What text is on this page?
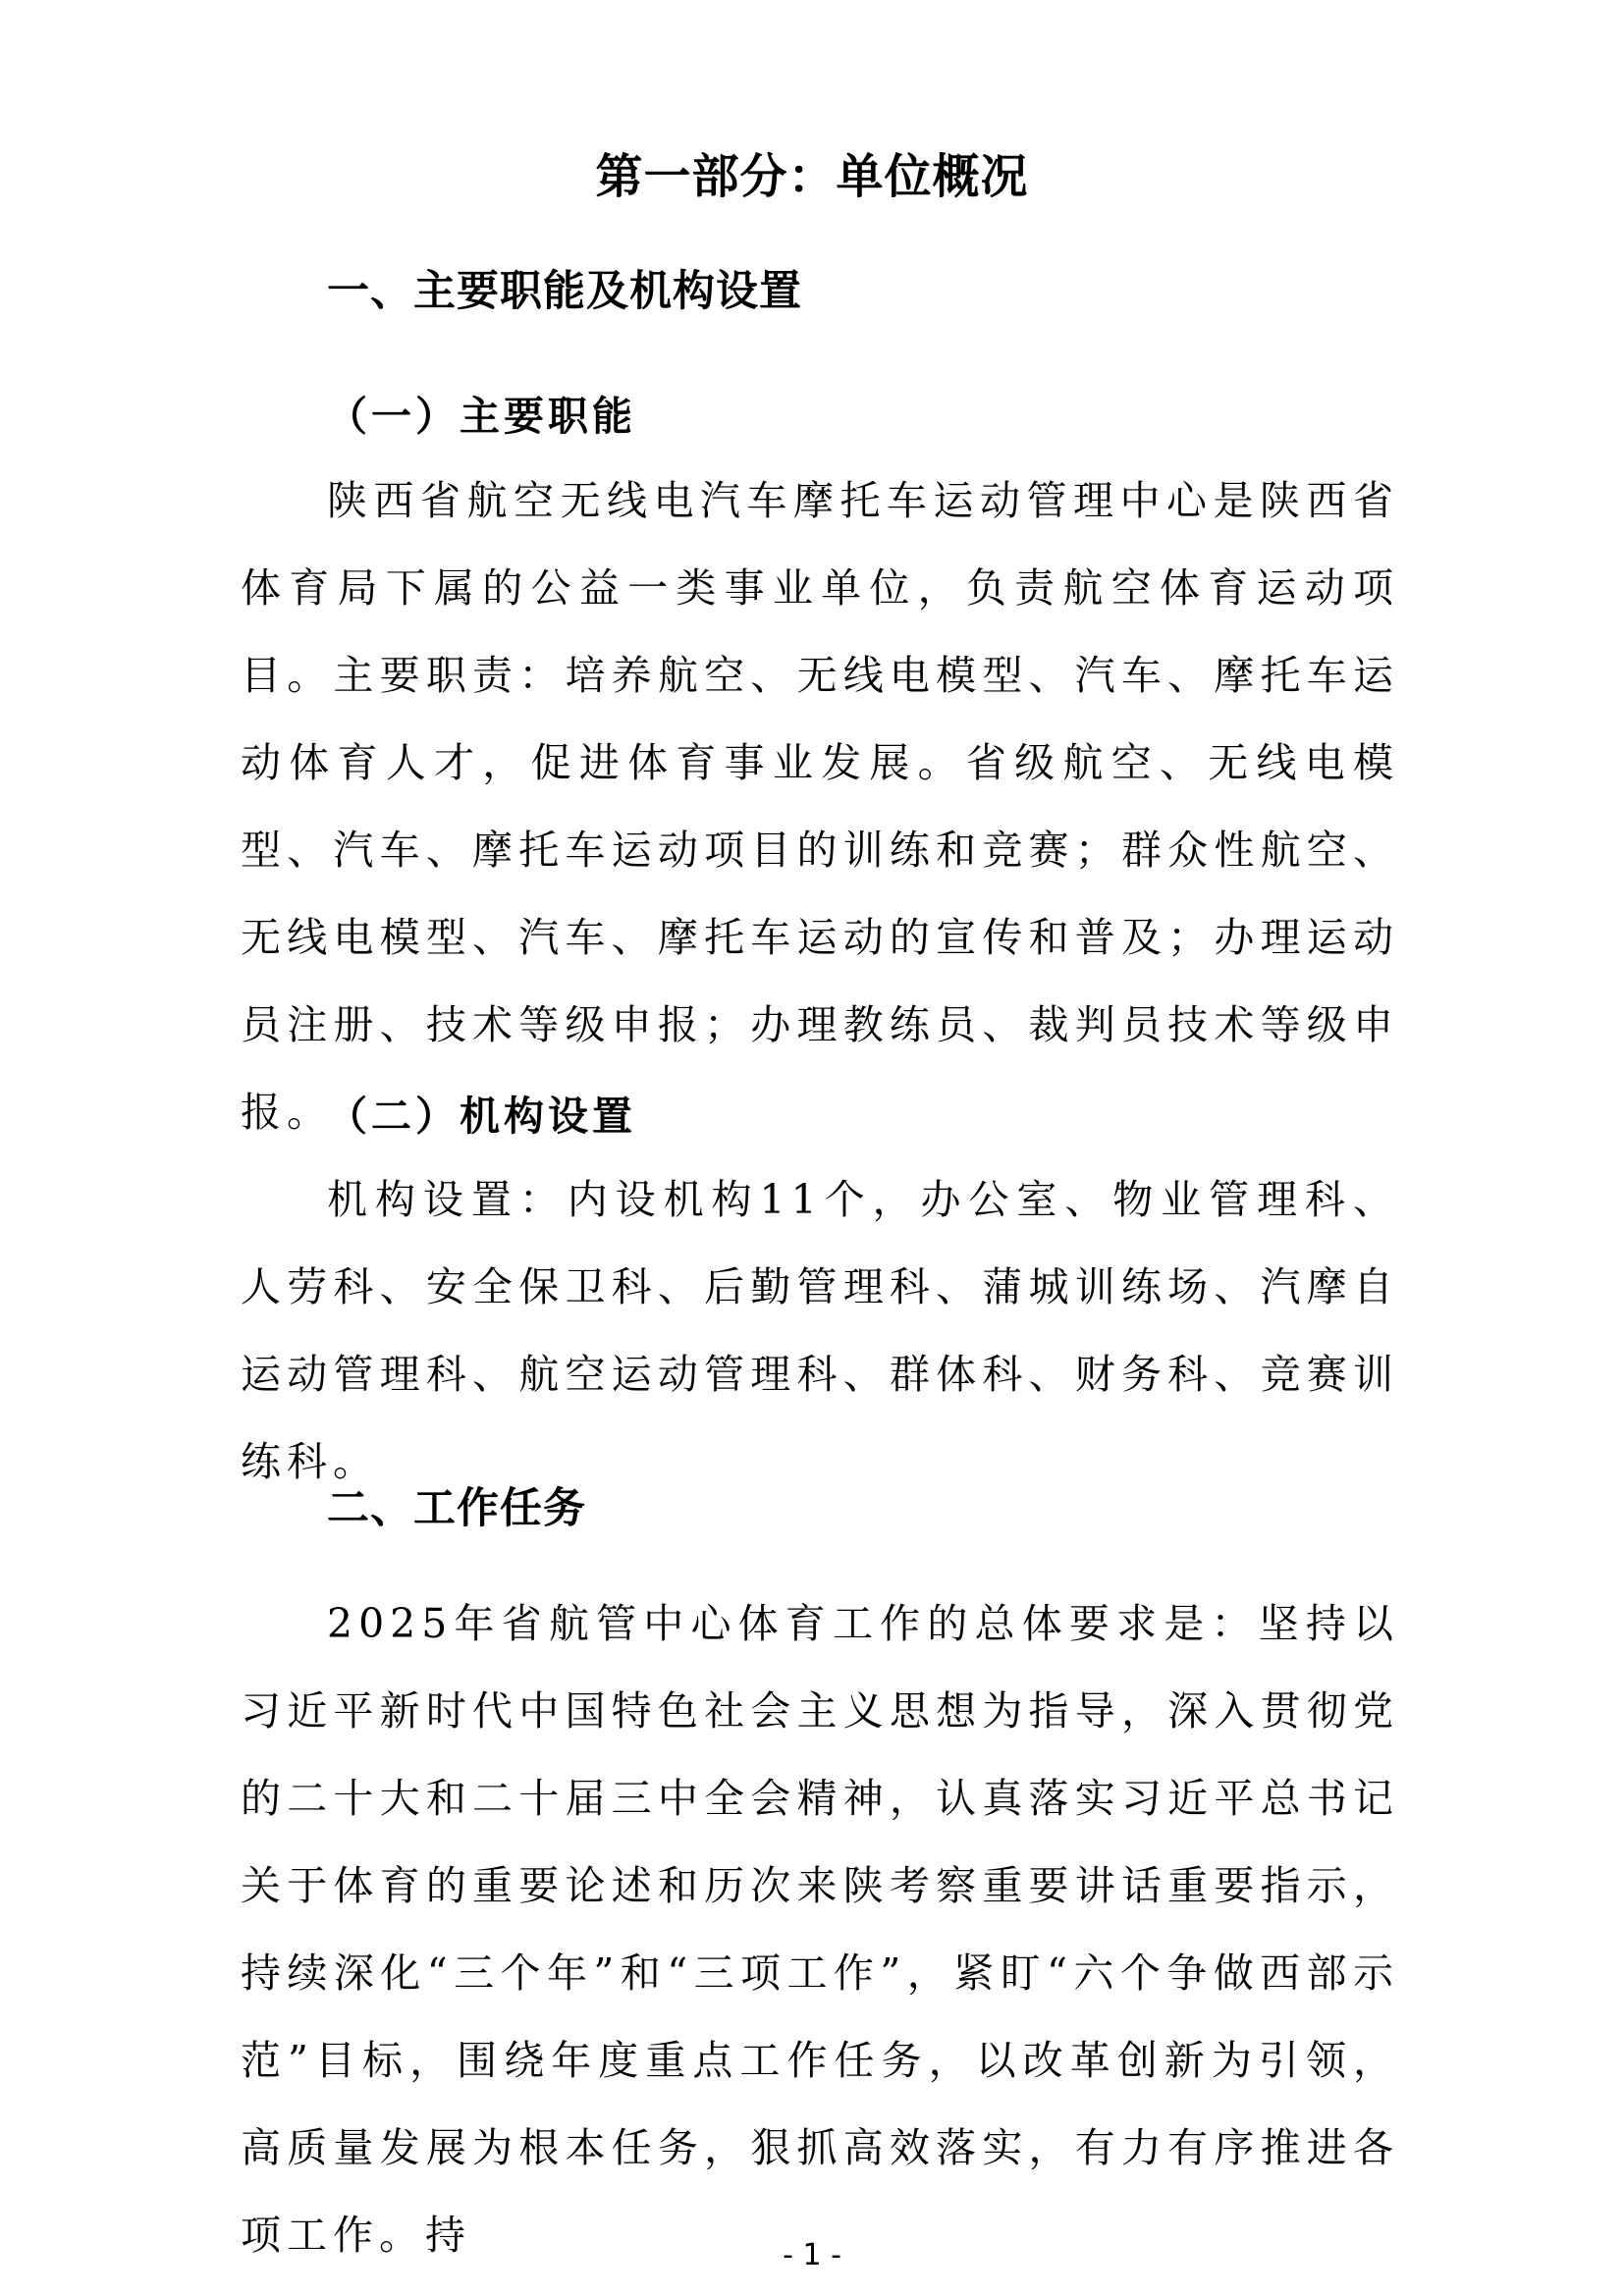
第一部分：单位概况
一、主要职能及机构设置
（一）主要职能

陕西省航空无线电汽车摩托车运动管理中心是陕西省体育局下属的公益一类事业单位，负责航空体育运动项目。主要职责：培养航空、无线电模型、汽车、摩托车运动体育人才，促进体育事业发展。省级航空、无线电模型、汽车、摩托车运动项目的训练和竞赛；群众性航空、无线电模型、汽车、摩托车运动的宣传和普及；办理运动员注册、技术等级申报；办理教练员、裁判员技术等级申报。

（二）机构设置

机构设置：内设机构11个，办公室、物业管理科、人劳科、安全保卫科、后勤管理科、蒲城训练场、汽摩自运动管理科、航空运动管理科、群体科、财务科、竞赛训练科。

二、工作任务

2025年省航管中心体育工作的总体要求是：坚持以习近平新时代中国特色社会主义思想为指导，深入贯彻党的二十大和二十届三中全会精神，认真落实习近平总书记关于体育的重要论述和历次来陕考察重要讲话重要指示，持续深化“三个年”和“三项工作”，紧盯“六个争做西部示范”目标，围绕年度重点工作任务，以改革创新为引领，高质量发展为根本任务，狠抓高效落实，有力有序推进各项工作。持	- 1 -
